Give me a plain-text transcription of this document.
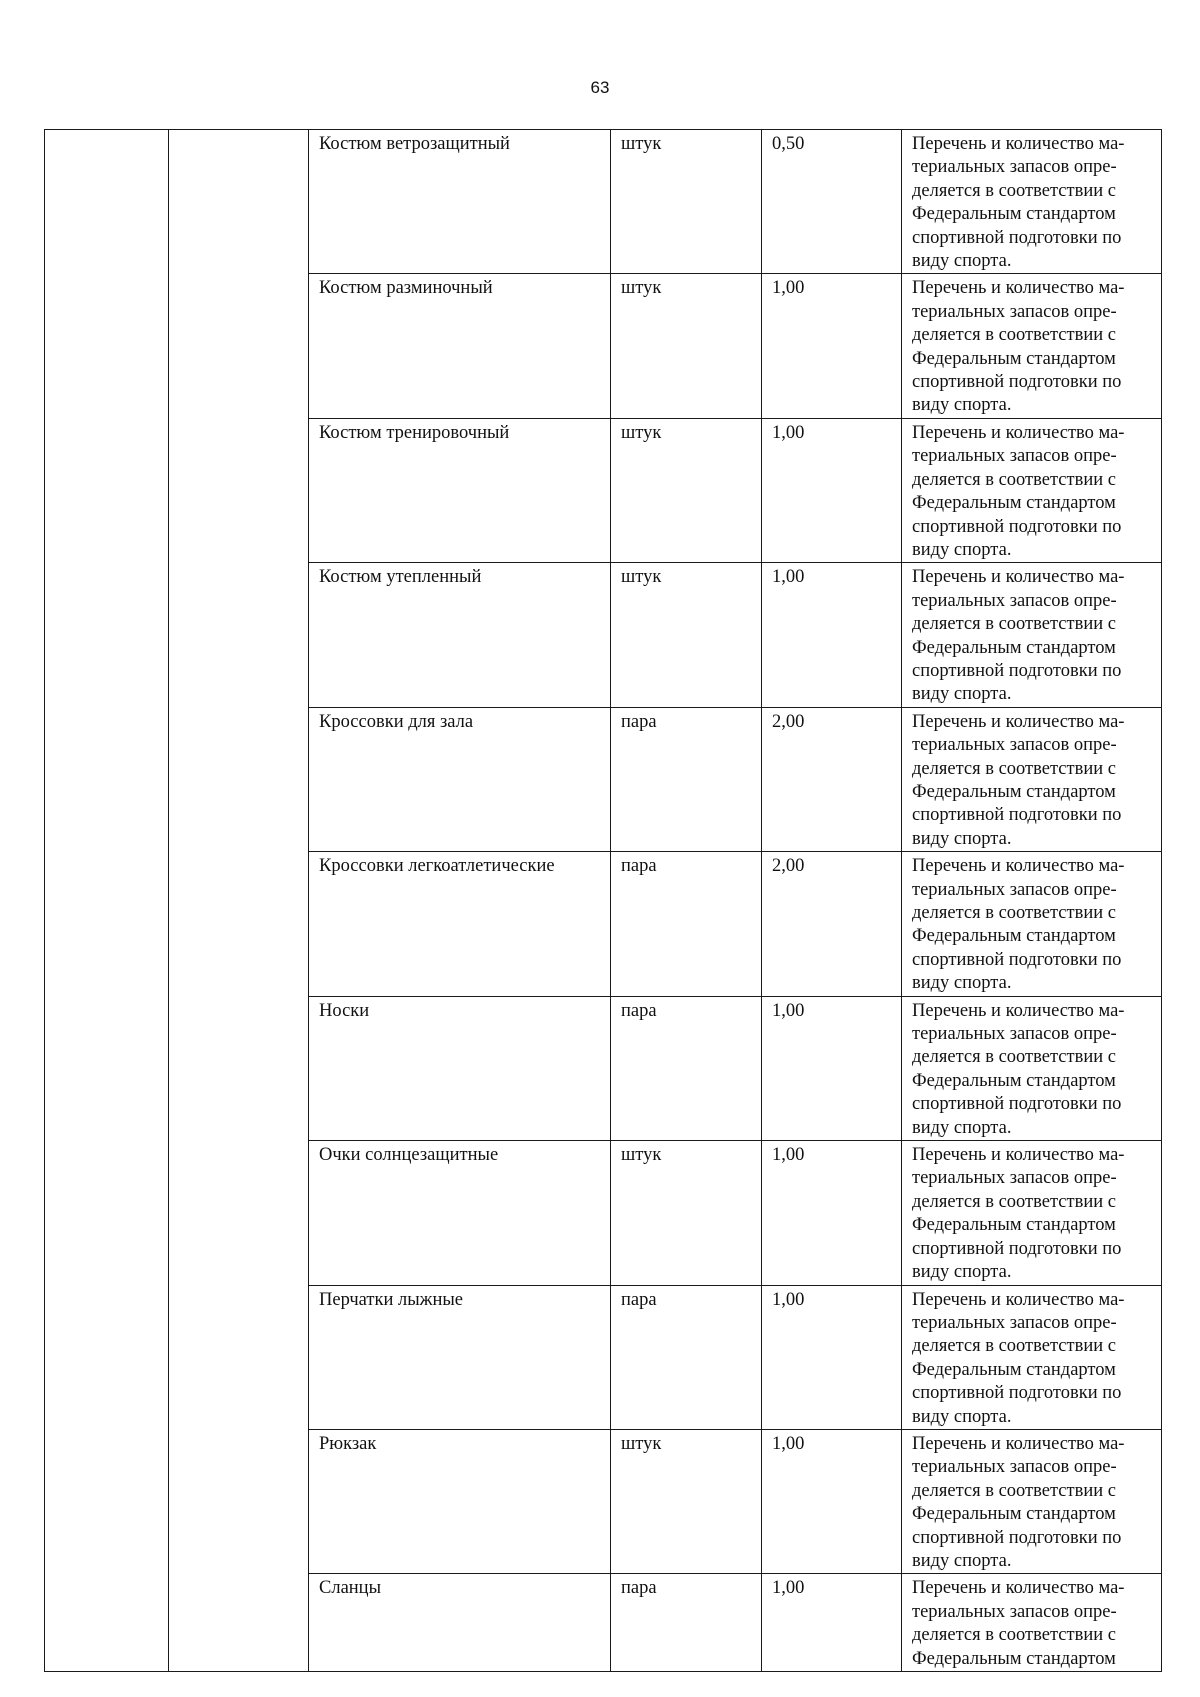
63
		Костюм ветрозащитный	штук	0,50	Перечень и количество ма-териальных запасов опре-деляется в соответствии с Федеральным стандартом спортивной подготовки по виду спорта.
		Костюм разминочный	штук	1,00	Перечень и количество ма-териальных запасов опре-деляется в соответствии с Федеральным стандартом спортивной подготовки по виду спорта.
		Костюм тренировочный	штук	1,00	Перечень и количество ма-териальных запасов опре-деляется в соответствии с Федеральным стандартом спортивной подготовки по виду спорта.
		Костюм утепленный	штук	1,00	Перечень и количество ма-териальных запасов опре-деляется в соответствии с Федеральным стандартом спортивной подготовки по виду спорта.
		Кроссовки для зала	пара	2,00	Перечень и количество ма-териальных запасов опре-деляется в соответствии с Федеральным стандартом спортивной подготовки по виду спорта.
		Кроссовки легкоатлетические	пара	2,00	Перечень и количество ма-териальных запасов опре-деляется в соответствии с Федеральным стандартом спортивной подготовки по виду спорта.
		Носки	пара	1,00	Перечень и количество ма-териальных запасов опре-деляется в соответствии с Федеральным стандартом спортивной подготовки по виду спорта.
		Очки солнцезащитные	штук	1,00	Перечень и количество ма-териальных запасов опре-деляется в соответствии с Федеральным стандартом спортивной подготовки по виду спорта.
		Перчатки лыжные	пара	1,00	Перечень и количество ма-териальных запасов опре-деляется в соответствии с Федеральным стандартом спортивной подготовки по виду спорта.
		Рюкзак	штук	1,00	Перечень и количество ма-териальных запасов опре-деляется в соответствии с Федеральным стандартом спортивной подготовки по виду спорта.
		Сланцы	пара	1,00	Перечень и количество ма-териальных запасов опре-деляется в соответствии с Федеральным стандартом
